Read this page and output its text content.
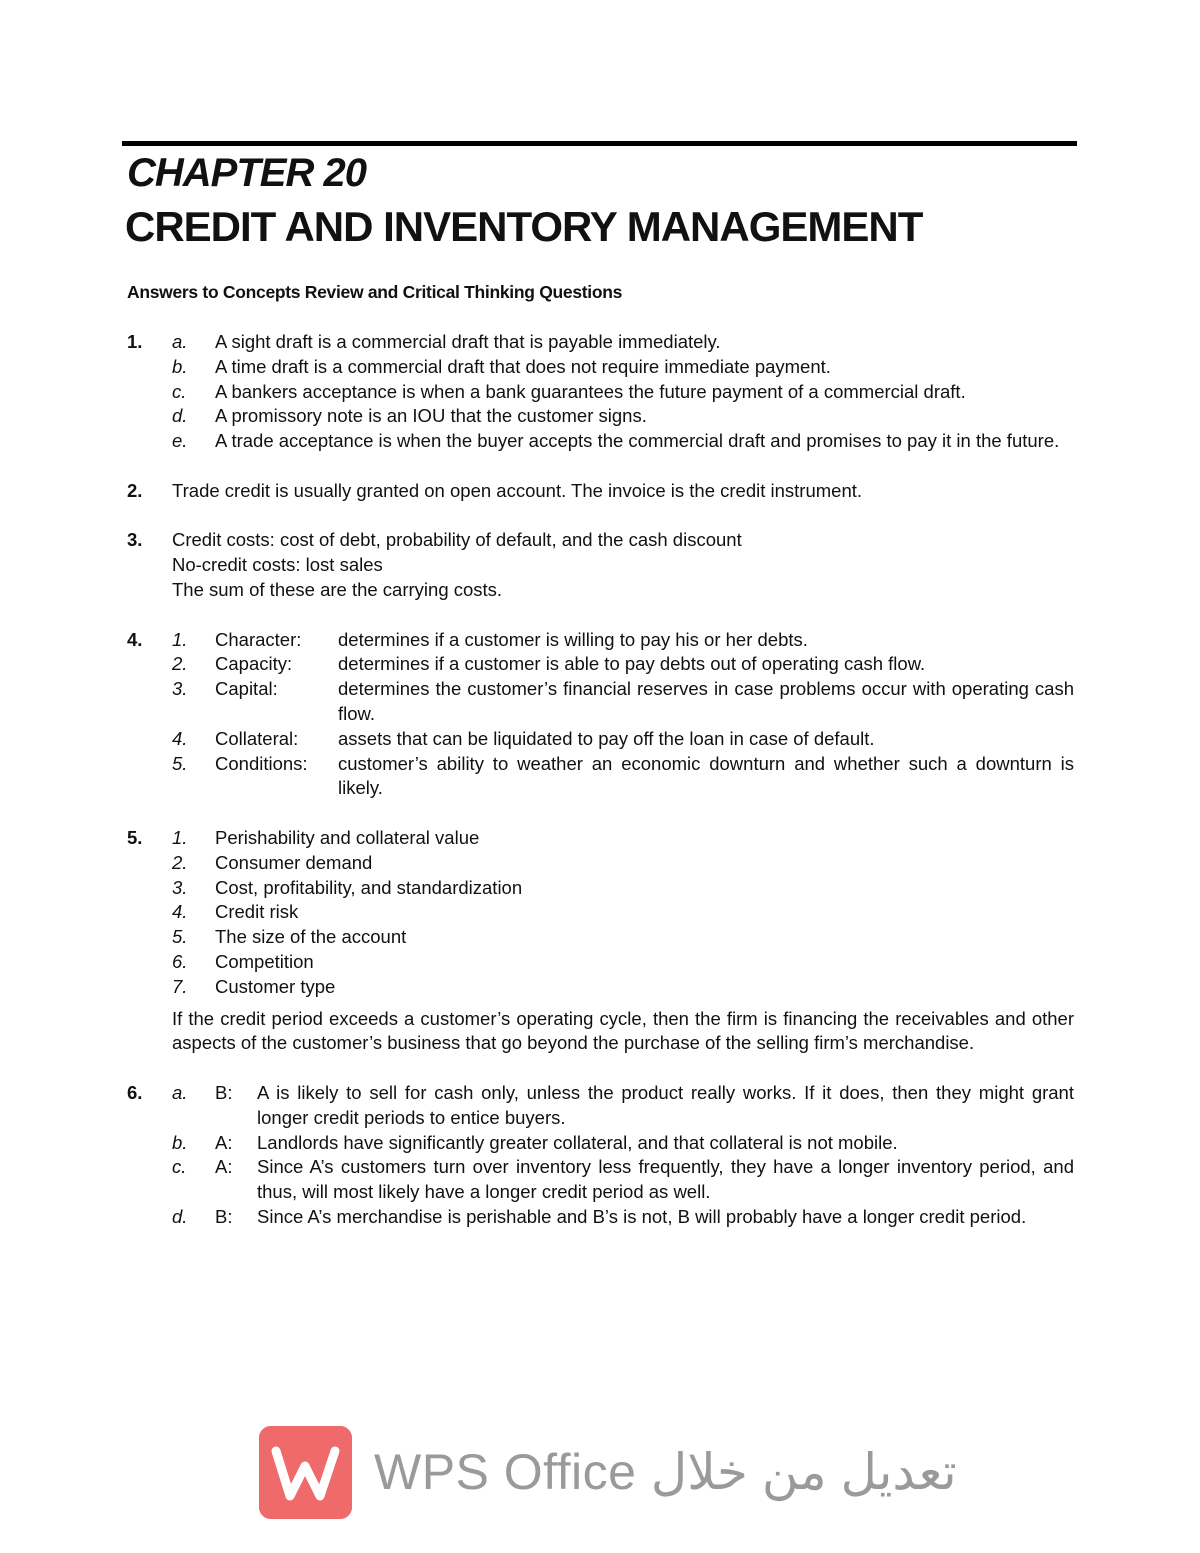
CHAPTER 20
CREDIT AND INVENTORY MANAGEMENT
Answers to Concepts Review and Critical Thinking Questions
1.	a.	A sight draft is a commercial draft that is payable immediately.
b.	A time draft is a commercial draft that does not require immediate payment.
c.	A bankers acceptance is when a bank guarantees the future payment of a commercial draft.
d.	A promissory note is an IOU that the customer signs.
e.	A trade acceptance is when the buyer accepts the commercial draft and promises to pay it in the future.
2.	Trade credit is usually granted on open account. The invoice is the credit instrument.
3.	Credit costs: cost of debt, probability of default, and the cash discount
No-credit costs: lost sales
The sum of these are the carrying costs.
4.	1.	Character:	determines if a customer is willing to pay his or her debts.
2.	Capacity:	determines if a customer is able to pay debts out of operating cash flow.
3.	Capital:	determines the customer’s financial reserves in case problems occur with operating cash flow.
4.	Collateral:	assets that can be liquidated to pay off the loan in case of default.
5.	Conditions:	customer’s ability to weather an economic downturn and whether such a downturn is likely.
5.	1.	Perishability and collateral value
2.	Consumer demand
3.	Cost, profitability, and standardization
4.	Credit risk
5.	The size of the account
6.	Competition
7.	Customer type
If the credit period exceeds a customer’s operating cycle, then the firm is financing the receivables and other aspects of the customer’s business that go beyond the purchase of the selling firm’s merchandise.
6.	a.	B:	A is likely to sell for cash only, unless the product really works. If it does, then they might grant longer credit periods to entice buyers.
b.	A:	Landlords have significantly greater collateral, and that collateral is not mobile.
c.	A:	Since A’s customers turn over inventory less frequently, they have a longer inventory period, and thus, will most likely have a longer credit period as well.
d.	B:	Since A’s merchandise is perishable and B’s is not, B will probably have a longer credit period.
WPS Office تعديل من خلال
